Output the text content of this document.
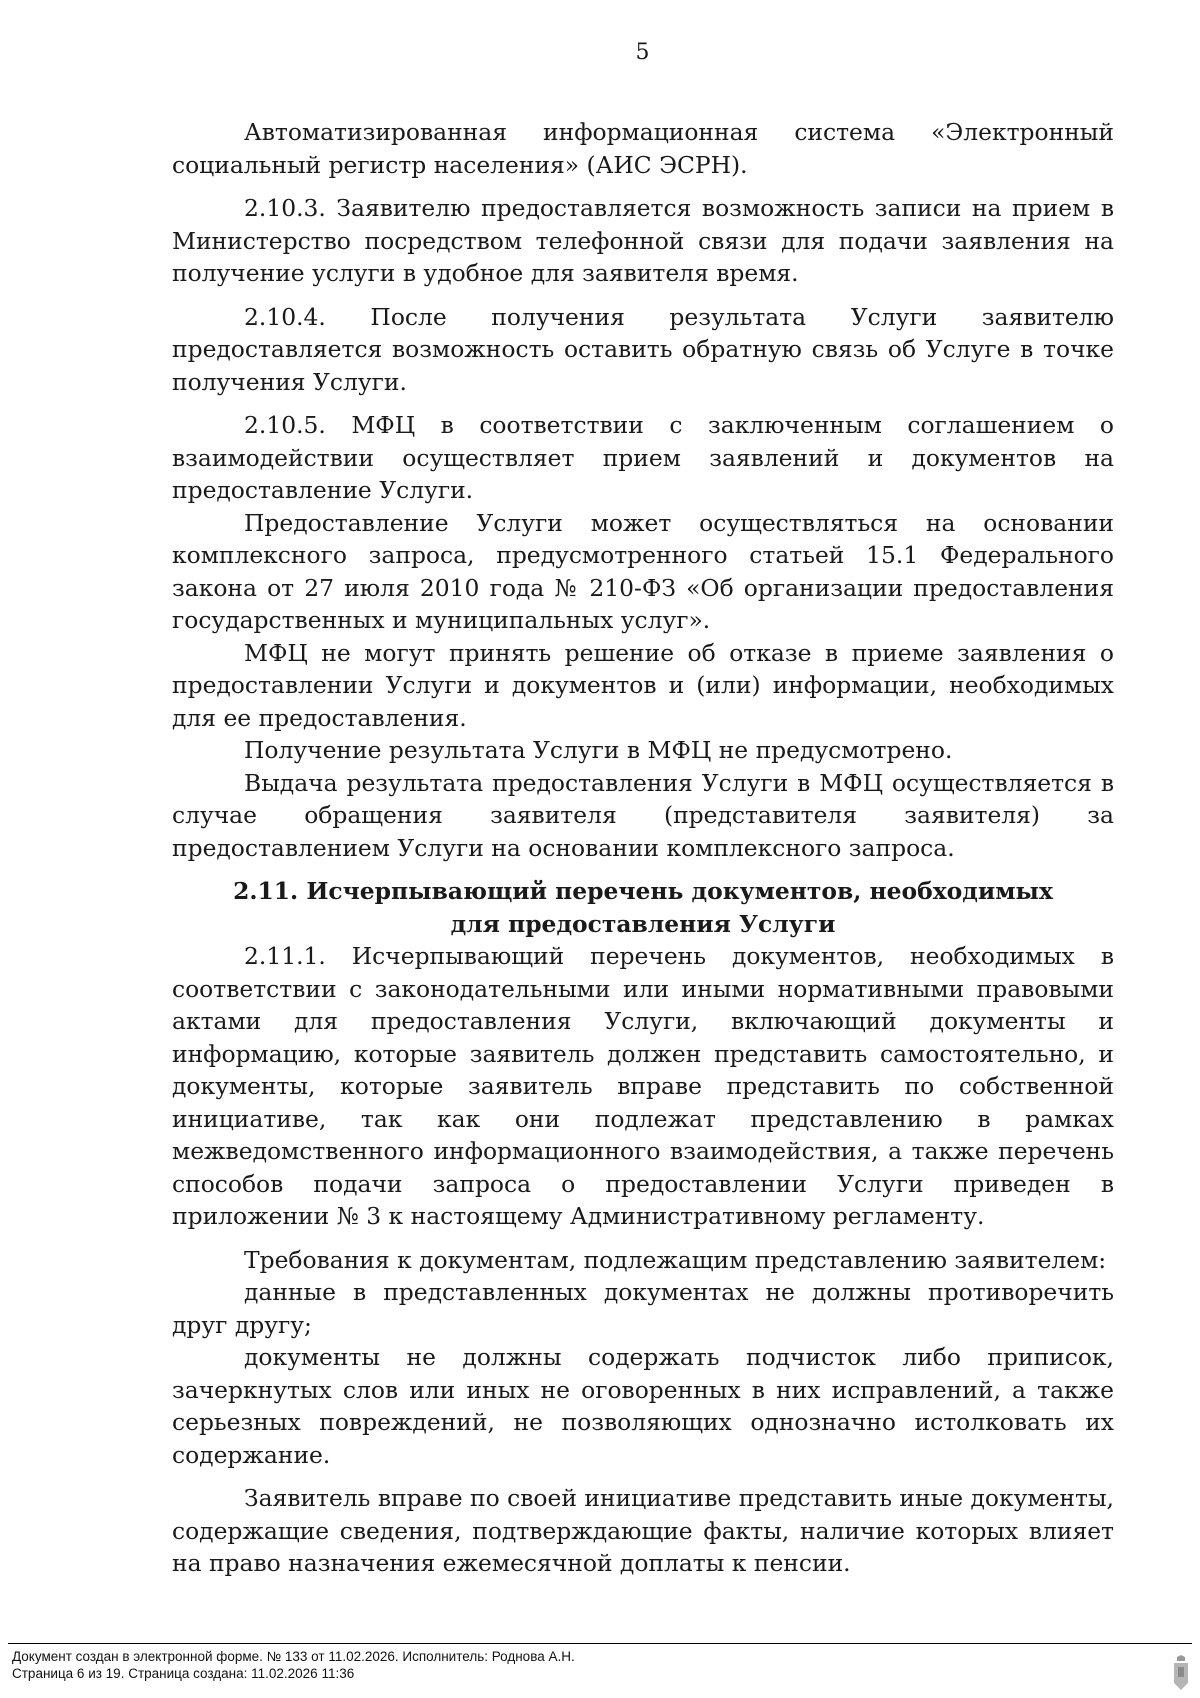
5

Автоматизированная информационная система «Электронный социальный регистр населения» (АИС ЭСРН).

2.10.3. Заявителю предоставляется возможность записи на прием в Министерство посредством телефонной связи для подачи заявления на получение услуги в удобное для заявителя время.

2.10.4. После получения результата Услуги заявителю предоставляется возможность оставить обратную связь об Услуге в точке получения Услуги.

2.10.5. МФЦ в соответствии с заключенным соглашением о взаимодействии осуществляет прием заявлений и документов на предоставление Услуги.

Предоставление Услуги может осуществляться на основании комплексного запроса, предусмотренного статьей 15.1 Федерального закона от 27 июля 2010 года № 210-ФЗ «Об организации предоставления государственных и муниципальных услуг».

МФЦ не могут принять решение об отказе в приеме заявления о предоставлении Услуги и документов и (или) информации, необходимых для ее предоставления.

Получение результата Услуги в МФЦ не предусмотрено.

Выдача результата предоставления Услуги в МФЦ осуществляется в случае обращения заявителя (представителя заявителя) за предоставлением Услуги на основании комплексного запроса.

2.11. Исчерпывающий перечень документов, необходимых для предоставления Услуги

2.11.1. Исчерпывающий перечень документов, необходимых в соответствии с законодательными или иными нормативными правовыми актами для предоставления Услуги, включающий документы и информацию, которые заявитель должен представить самостоятельно, и документы, которые заявитель вправе представить по собственной инициативе, так как они подлежат представлению в рамках межведомственного информационного взаимодействия, а также перечень способов подачи запроса о предоставлении Услуги приведен в приложении № 3 к настоящему Административному регламенту.

Требования к документам, подлежащим представлению заявителем:

данные в представленных документах не должны противоречить друг другу;

документы не должны содержать подчисток либо приписок, зачеркнутых слов или иных не оговоренных в них исправлений, а также серьезных повреждений, не позволяющих однозначно истолковать их содержание.

Заявитель вправе по своей инициативе представить иные документы, содержащие сведения, подтверждающие факты, наличие которых влияет на право назначения ежемесячной доплаты к пенсии.

Документ создан в электронной форме. № 133 от 11.02.2026. Исполнитель: Роднова А.Н.
Страница 6 из 19. Страница создана: 11.02.2026 11:36
